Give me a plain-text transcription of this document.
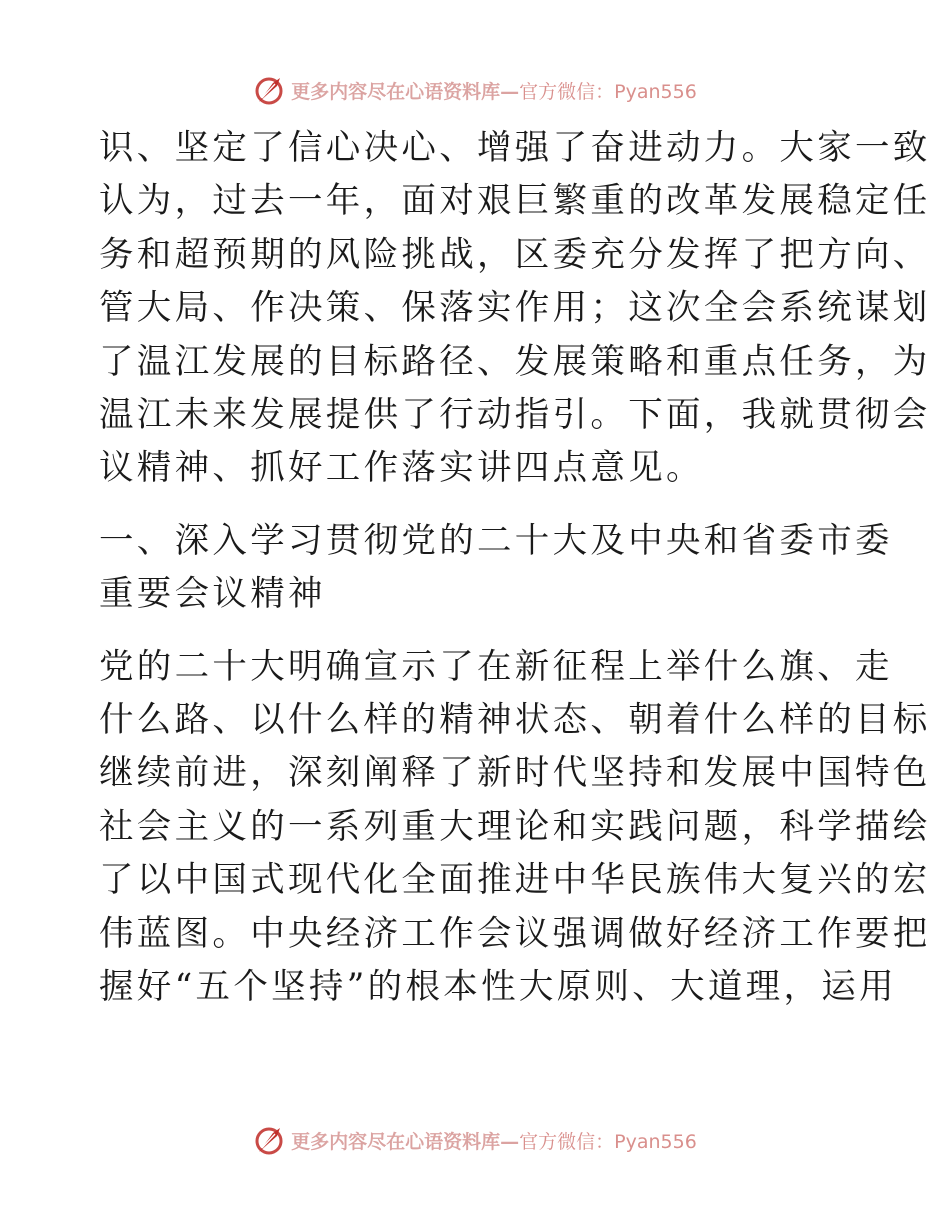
更多内容尽在心语资料库—官方微信：Pyan556

识、坚定了信心决心、增强了奋进动力。大家一致

认为，过去一年，面对艰巨繁重的改革发展稳定任

务和超预期的风险挑战，区委充分发挥了把方向、

管大局、作决策、保落实作用；这次全会系统谋划

了温江发展的目标路径、发展策略和重点任务，为

温江未来发展提供了行动指引。下面，我就贯彻会

议精神、抓好工作落实讲四点意见。

一、深入学习贯彻党的二十大及中央和省委市委

重要会议精神

党的二十大明确宣示了在新征程上举什么旗、走

什么路、以什么样的精神状态、朝着什么样的目标

继续前进，深刻阐释了新时代坚持和发展中国特色

社会主义的一系列重大理论和实践问题，科学描绘

了以中国式现代化全面推进中华民族伟大复兴的宏

伟蓝图。中央经济工作会议强调做好经济工作要把

握好“五个坚持”的根本性大原则、大道理，运用

更多内容尽在心语资料库—官方微信：Pyan556
